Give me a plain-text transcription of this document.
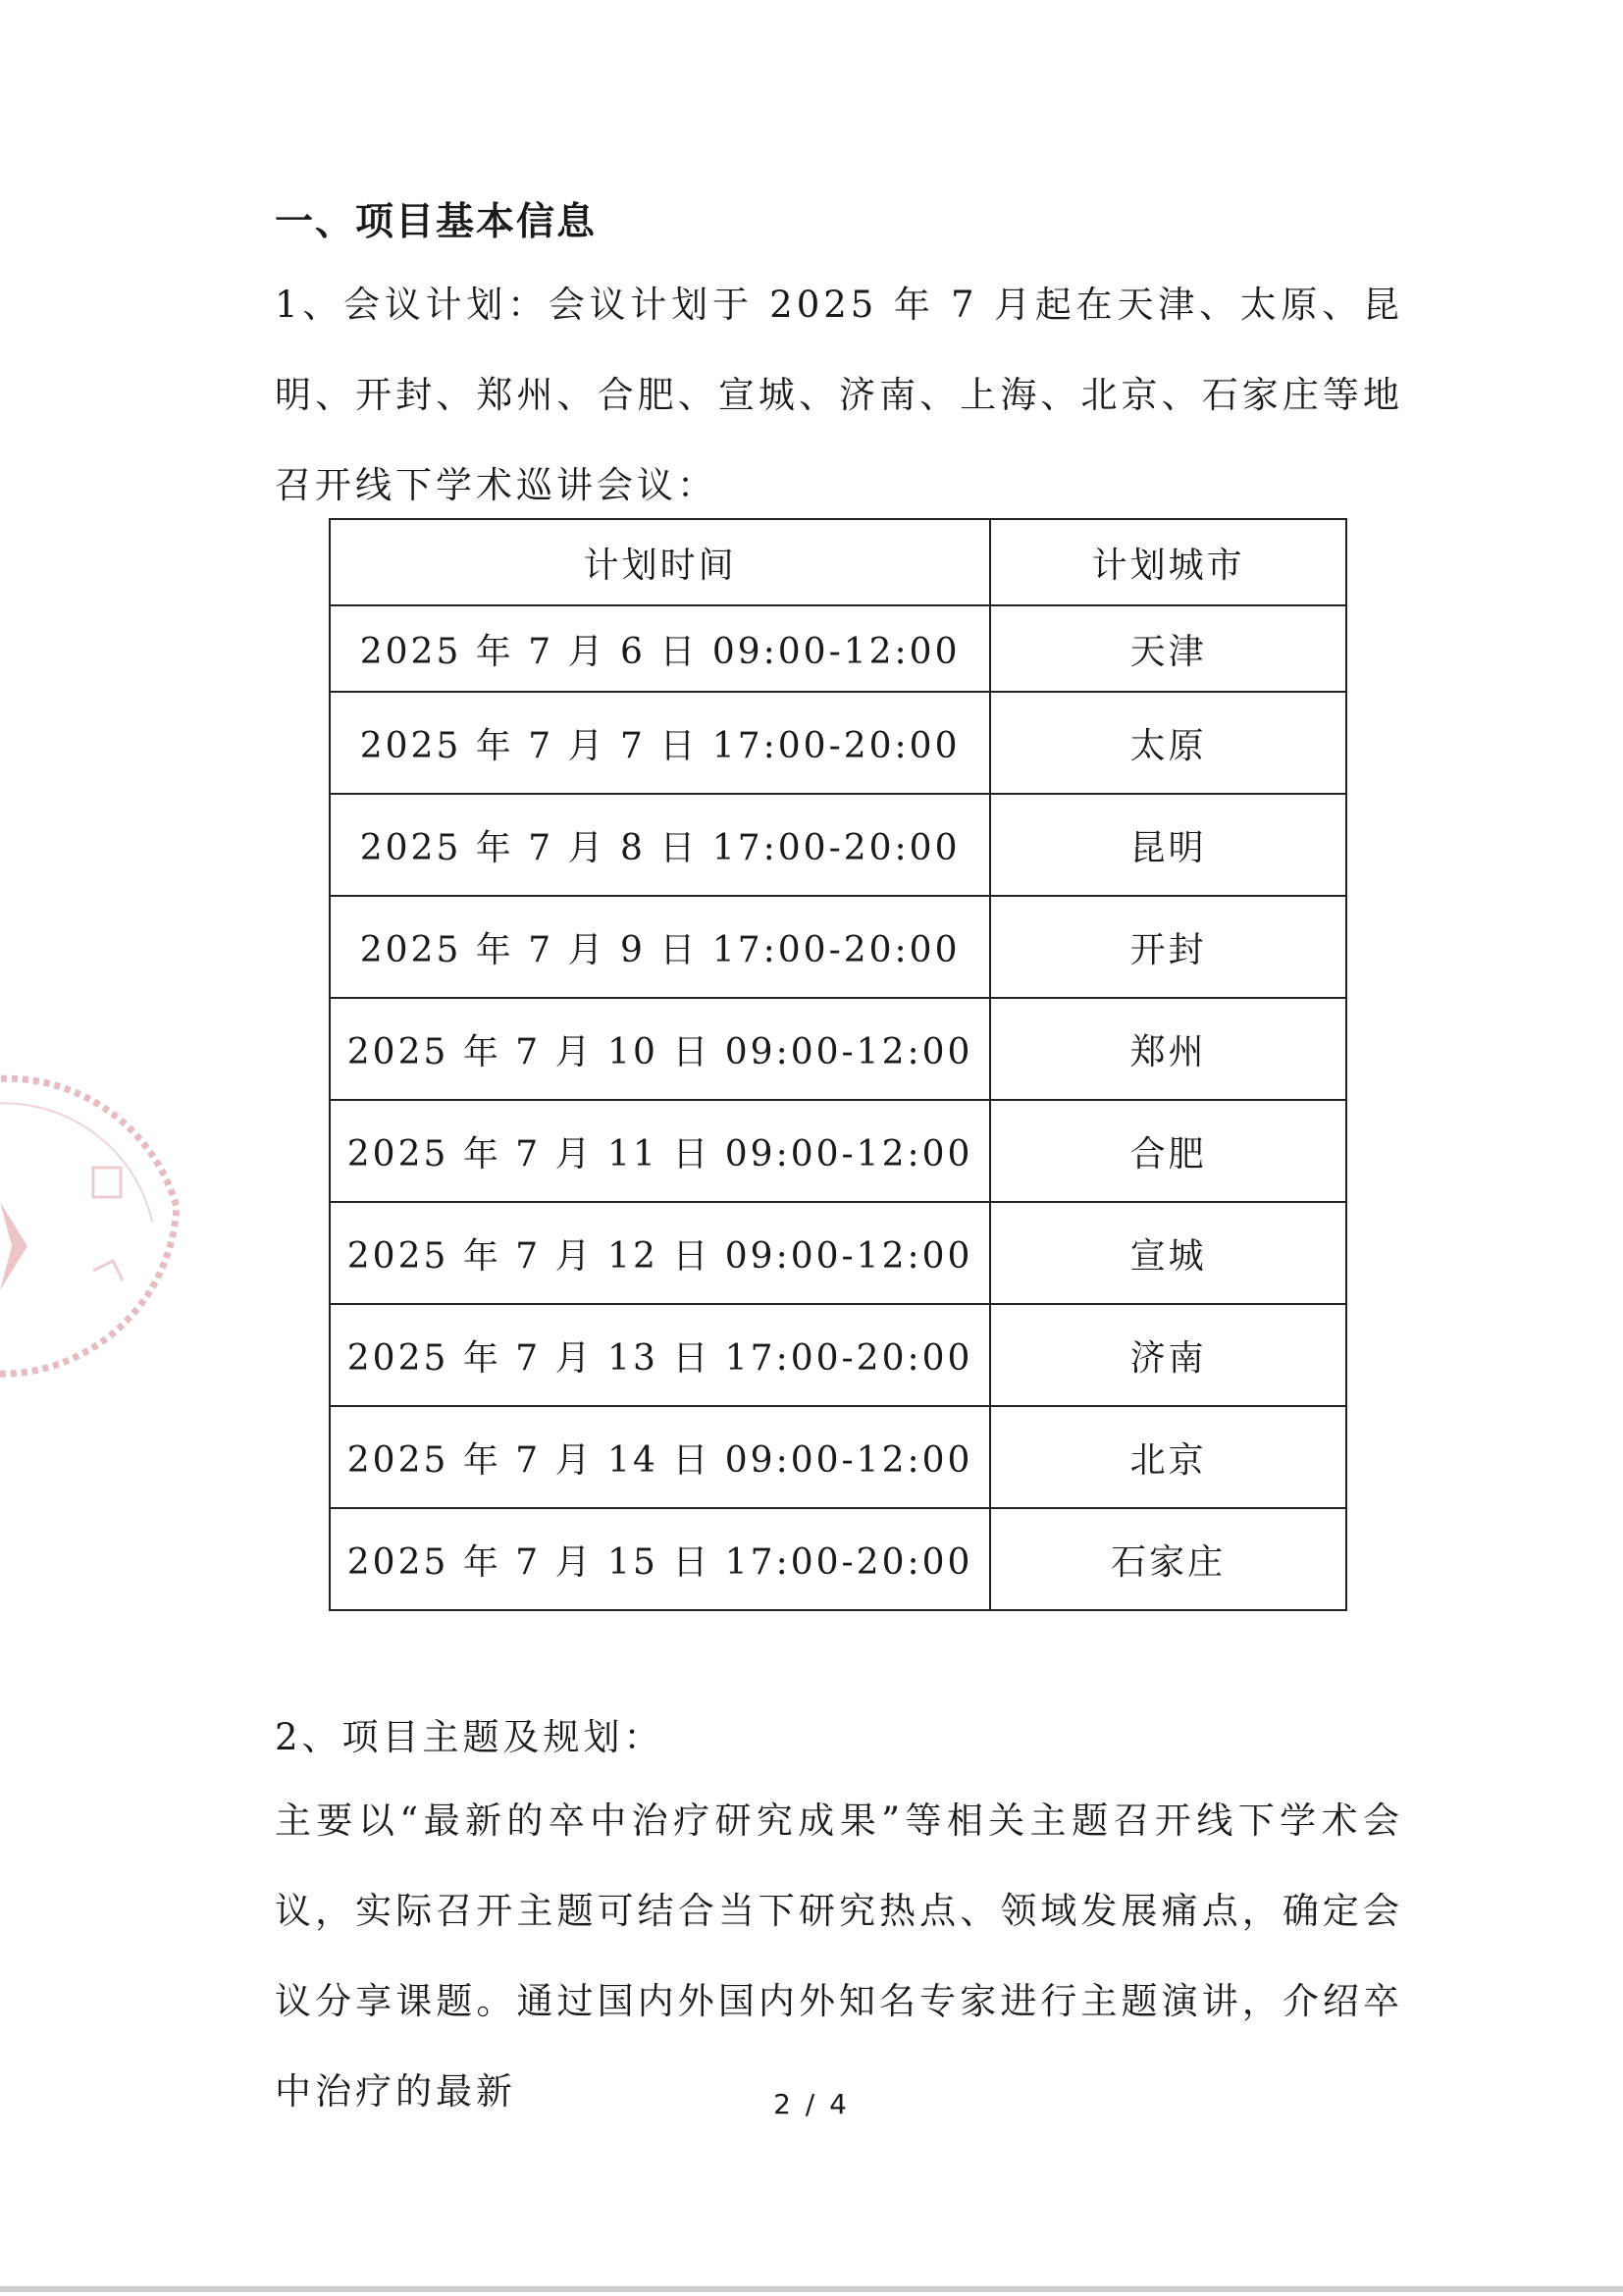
一、项目基本信息
1、会议计划：会议计划于 2025 年 7 月起在天津、太原、昆明、开封、郑州、合肥、宣城、济南、上海、北京、石家庄等地召开线下学术巡讲会议：
计划时间	计划城市
2025 年 7 月 6 日 09:00-12:00	天津
2025 年 7 月 7 日 17:00-20:00	太原
2025 年 7 月 8 日 17:00-20:00	昆明
2025 年 7 月 9 日 17:00-20:00	开封
2025 年 7 月 10 日 09:00-12:00	郑州
2025 年 7 月 11 日 09:00-12:00	合肥
2025 年 7 月 12 日 09:00-12:00	宣城
2025 年 7 月 13 日 17:00-20:00	济南
2025 年 7 月 14 日 09:00-12:00	北京
2025 年 7 月 15 日 17:00-20:00	石家庄
2、项目主题及规划：
主要以“最新的卒中治疗研究成果”等相关主题召开线下学术会议，实际召开主题可结合当下研究热点、领域发展痛点，确定会议分享课题。通过国内外国内外知名专家进行主题演讲，介绍卒中治疗的最新	2 / 4
